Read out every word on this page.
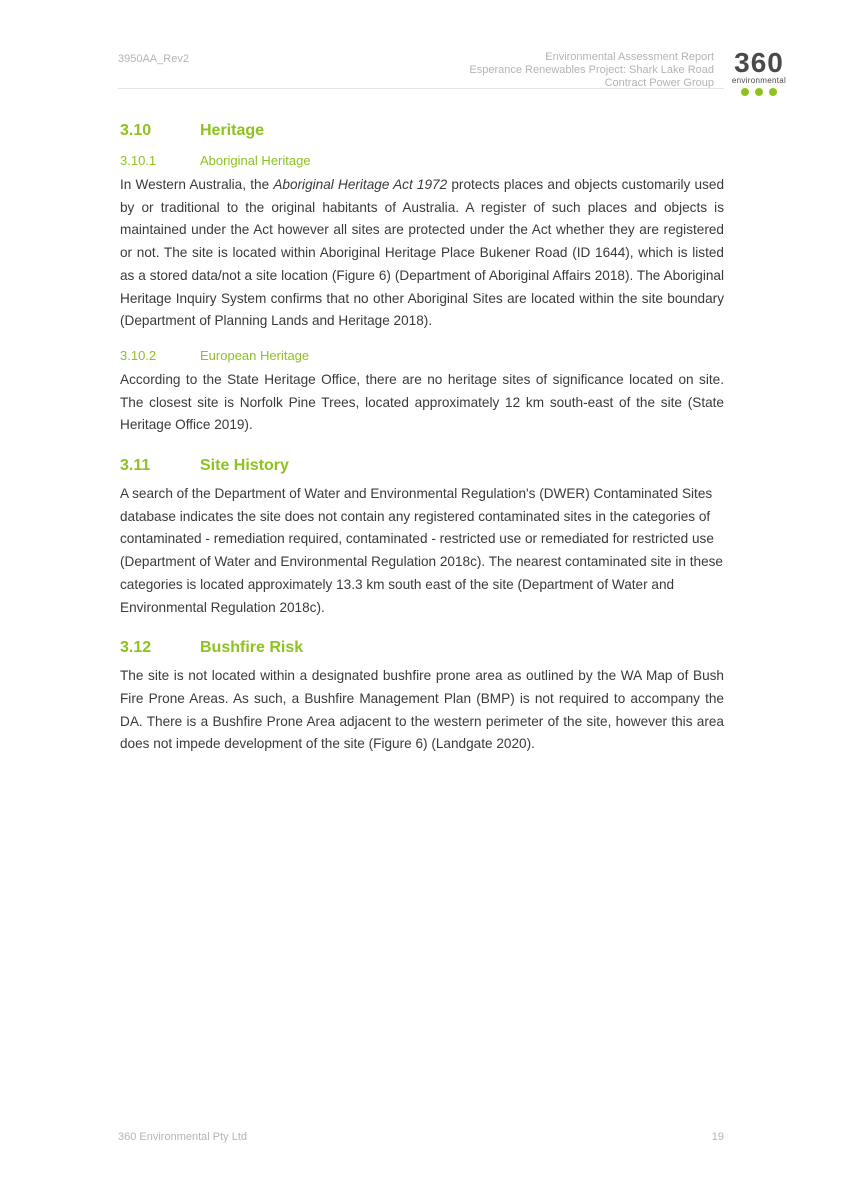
3950AA_Rev2	Environmental Assessment Report
Esperance Renewables Project: Shark Lake Road
Contract Power Group
360
environmental
3.10	Heritage
3.10.1	Aboriginal Heritage

In Western Australia, the Aboriginal Heritage Act 1972 protects places and objects customarily used by or traditional to the original habitants of Australia. A register of such places and objects is maintained under the Act however all sites are protected under the Act whether they are registered or not. The site is located within Aboriginal Heritage Place Bukener Road (ID 1644), which is listed as a stored data/not a site location (Figure 6) (Department of Aboriginal Affairs 2018). The Aboriginal Heritage Inquiry System confirms that no other Aboriginal Sites are located within the site boundary (Department of Planning Lands and Heritage 2018).

3.10.2	European Heritage

According to the State Heritage Office, there are no heritage sites of significance located on site. The closest site is Norfolk Pine Trees, located approximately 12 km south-east of the site (State Heritage Office 2019).

3.11	Site History

A search of the Department of Water and Environmental Regulation's (DWER) Contaminated Sites database indicates the site does not contain any registered contaminated sites in the categories of contaminated - remediation required, contaminated - restricted use or remediated for restricted use (Department of Water and Environmental Regulation 2018c). The nearest contaminated site in these categories is located approximately 13.3 km south east of the site (Department of Water and Environmental Regulation 2018c).

3.12	Bushfire Risk

The site is not located within a designated bushfire prone area as outlined by the WA Map of Bush Fire Prone Areas. As such, a Bushfire Management Plan (BMP) is not required to accompany the DA. There is a Bushfire Prone Area adjacent to the western perimeter of the site, however this area does not impede development of the site (Figure 6) (Landgate 2020).

360 Environmental Pty Ltd	19
